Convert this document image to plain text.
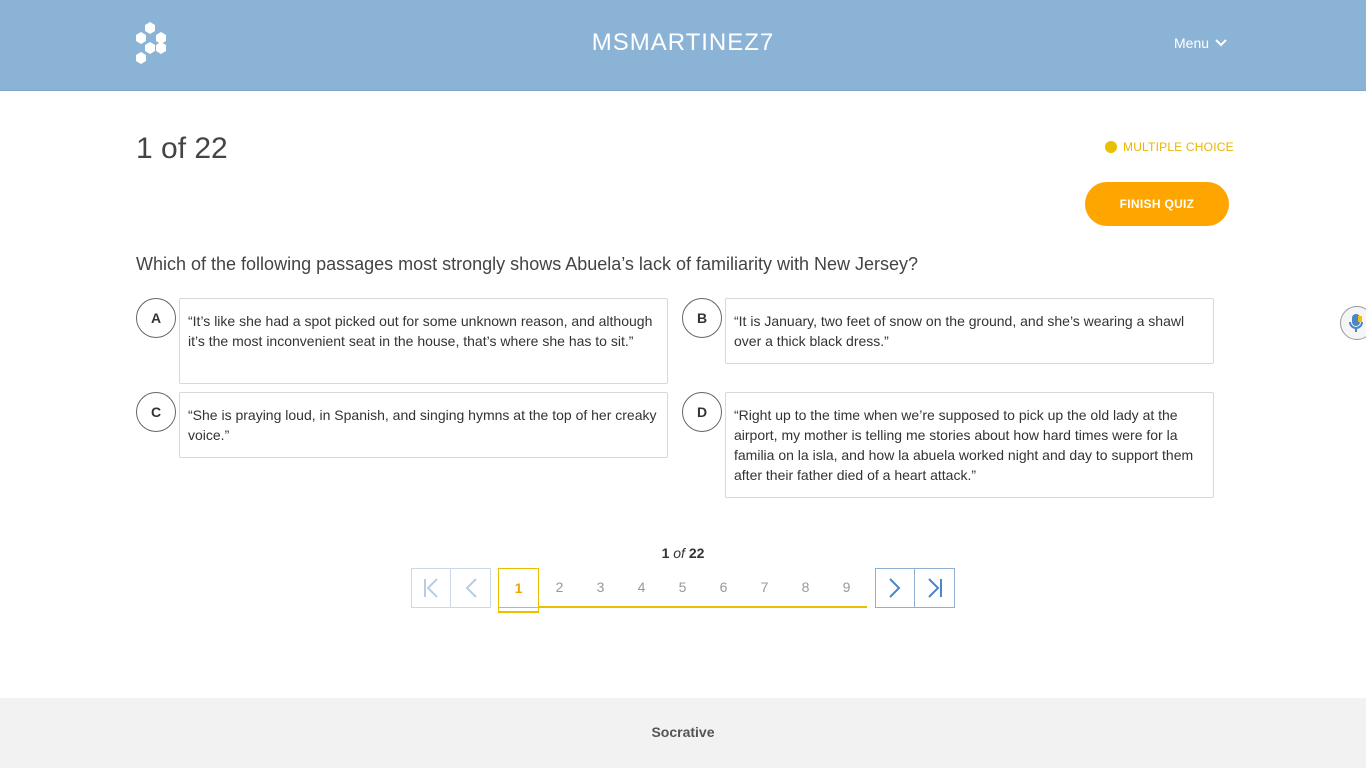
MSMARTINEZ7	Menu
1 of 22	MULTIPLE CHOICE
FINISH QUIZ
Which of the following passages most strongly shows Abuela’s lack of familiarity with New Jersey?
A	“It’s like she had a spot picked out for some unknown reason, and although it’s the most inconvenient seat in the house, that’s where she has to sit.”
B	“It is January, two feet of snow on the ground, and she’s wearing a shawl over a thick black dress.”
C	“She is praying loud, in Spanish, and singing hymns at the top of her creaky voice.”
D	“Right up to the time when we’re supposed to pick up the old lady at the airport, my mother is telling me stories about how hard times were for la familia on la isla, and how la abuela worked night and day to support them after their father died of a heart attack.”
1 of 22
1	2	3	4	5	6	7	8	9
Socrative
